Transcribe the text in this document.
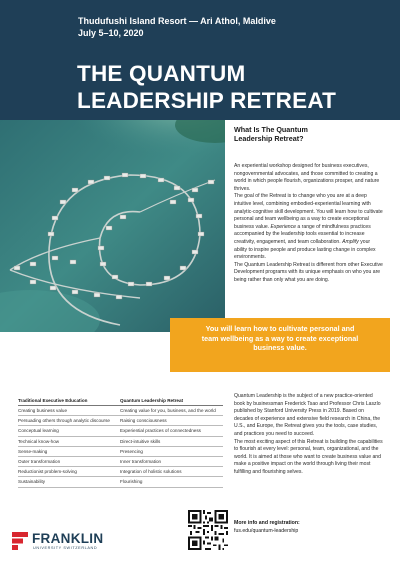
Thudufushi Island Resort — Ari Athol, Maldive
July 5–10, 2020
THE QUANTUM
LEADERSHIP RETREAT
What Is The Quantum
Leadership Retreat?

An experiential workshop designed for business executives, nongovernmental advocates, and those committed to creating a world in which people flourish, organizations prosper, and nature thrives.

The goal of the Retreat is to change who you are at a deep intuitive level, combining embodied-experiential learning with analytic-cognitive skill development. You will learn how to cultivate personal and team wellbeing as a way to create exceptional business value. Experience a range of mindfulness practices accompanied by the leadership tools essential to increase creativity, engagement, and team collaboration. Amplify your ability to inspire people and produce lasting change in complex environments.

The Quantum Leadership Retreat is different from other Executive Development programs with its unique emphasis on who you are being rather than only what you are doing.

You will learn how to cultivate personal and team wellbeing as a way to create exceptional business value.
Traditional Executive Education	Quantum Leadership Retreat
Creating business value	Creating value for you, business, and the world
Persuading others through analytic discourse	Raising consciousness
Conceptual learning	Experiential practices of connectedness
Technical know-how	Direct-intuitive skills
Sense-making	Presencing
Outer transformation	Inner transformation
Reductionist problem-solving	Integration of holistic solutions
Sustainability	Flourishing

Quantum Leadership is the subject of a new practice-oriented book by businessman Frederick Tsao and Professor Chris Laszlo published by Stanford University Press in 2019. Based on decades of experience and extensive field research in China, the U.S., and Europe, the Retreat gives you the tools, case studies, and practices you need to succeed.

The most exciting aspect of this Retreat is building the capabilities to flourish at every level: personal, team, organizational, and the world. It is aimed at those who want to create business value and make a positive impact on the world through living their most fulfilling and flourishing selves.

More info and registration:
fus.edu/quantum-leadership
FRANKLIN
UNIVERSITY SWITZERLAND
